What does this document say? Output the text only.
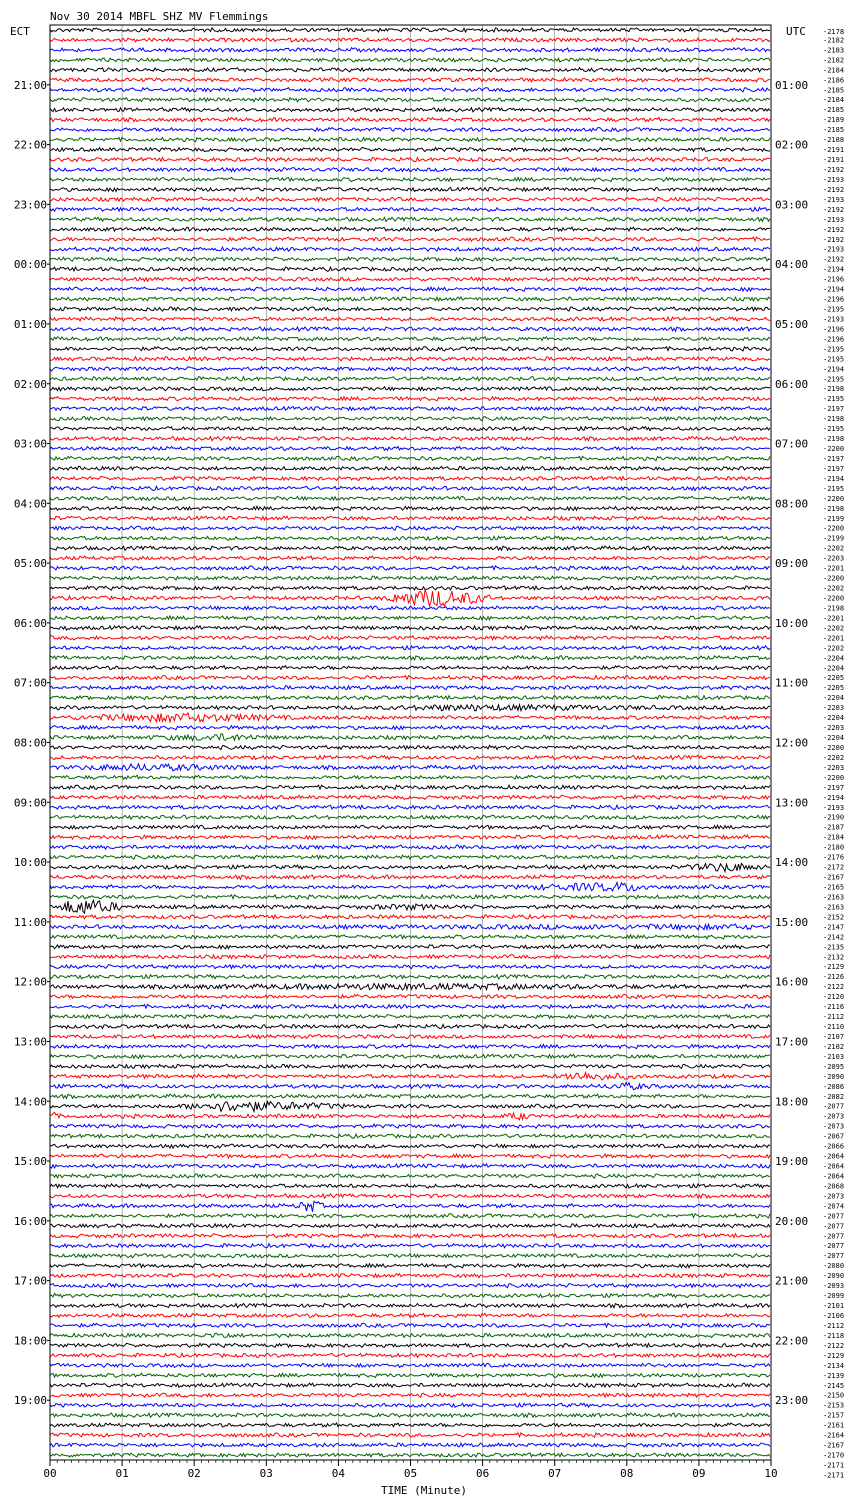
Nov 30 2014 MBFL SHZ MV Flemmings
ECT	UTC -2178
21:00
22:00
23:00
00:00
01:00
02:00
03:00
04:00
05:00
06:00
07:00
08:00
09:00
10:00
11:00
12:00
13:00
14:00
15:00
16:00
17:00
18:00
19:00
01:00
02:00
03:00
04:00
05:00
06:00
07:00
08:00
09:00
10:00
11:00
12:00
13:00
14:00
15:00
16:00
17:00
18:00
19:00
20:00
21:00
22:00
23:00
-2182
-2183
-2182
-2184
-2186
-2185
-2184
-2185
-2189
-2185
-2188
-2191
-2191
-2192
-2193
-2192
-2193
-2192
-2193
-2192
-2192
-2193
-2192
-2194
-2196
-2194
-2196
-2195
-2193
-2196
-2196
-2195
-2195
-2194
-2195
-2198
-2195
-2197
-2198
-2195
-2198
-2200
-2197
-2197
-2194
-2195
-2200
-2198
-2199
-2200
-2199
-2202
-2203
-2201
-2200
-2202
-2200
-2198
-2201
-2202
-2201
-2202
-2204
-2204
-2205
-2205
-2204
-2203
-2204
-2203
-2204
-2200
-2202
-2203
-2200
-2197
-2194
-2193
-2190
-2187
-2184
-2180
-2176
-2172
-2167
-2165
-2163
-2163
-2152
-2147
-2142
-2135
-2132
-2129
-2126
-2122
-2120
-2116
-2112
-2110
-2107
-2102
-2103
-2095
-2090
-2086
-2082
-2077
-2073
-2073
-2067
-2066
-2064
-2064
-2064
-2068
-2073
-2074
-2077
-2077
-2077
-2077
-2077
-2080
-2090
-2093
-2099
-2101
-2106
-2112
-2118
-2122
-2129
-2134
-2139
-2145
-2150
-2153
-2157
-2161
-2164
-2167
-2170
-2171
-2171
00	01	02	03	04	05	06	07	08	09	10
TIME (Minute)
